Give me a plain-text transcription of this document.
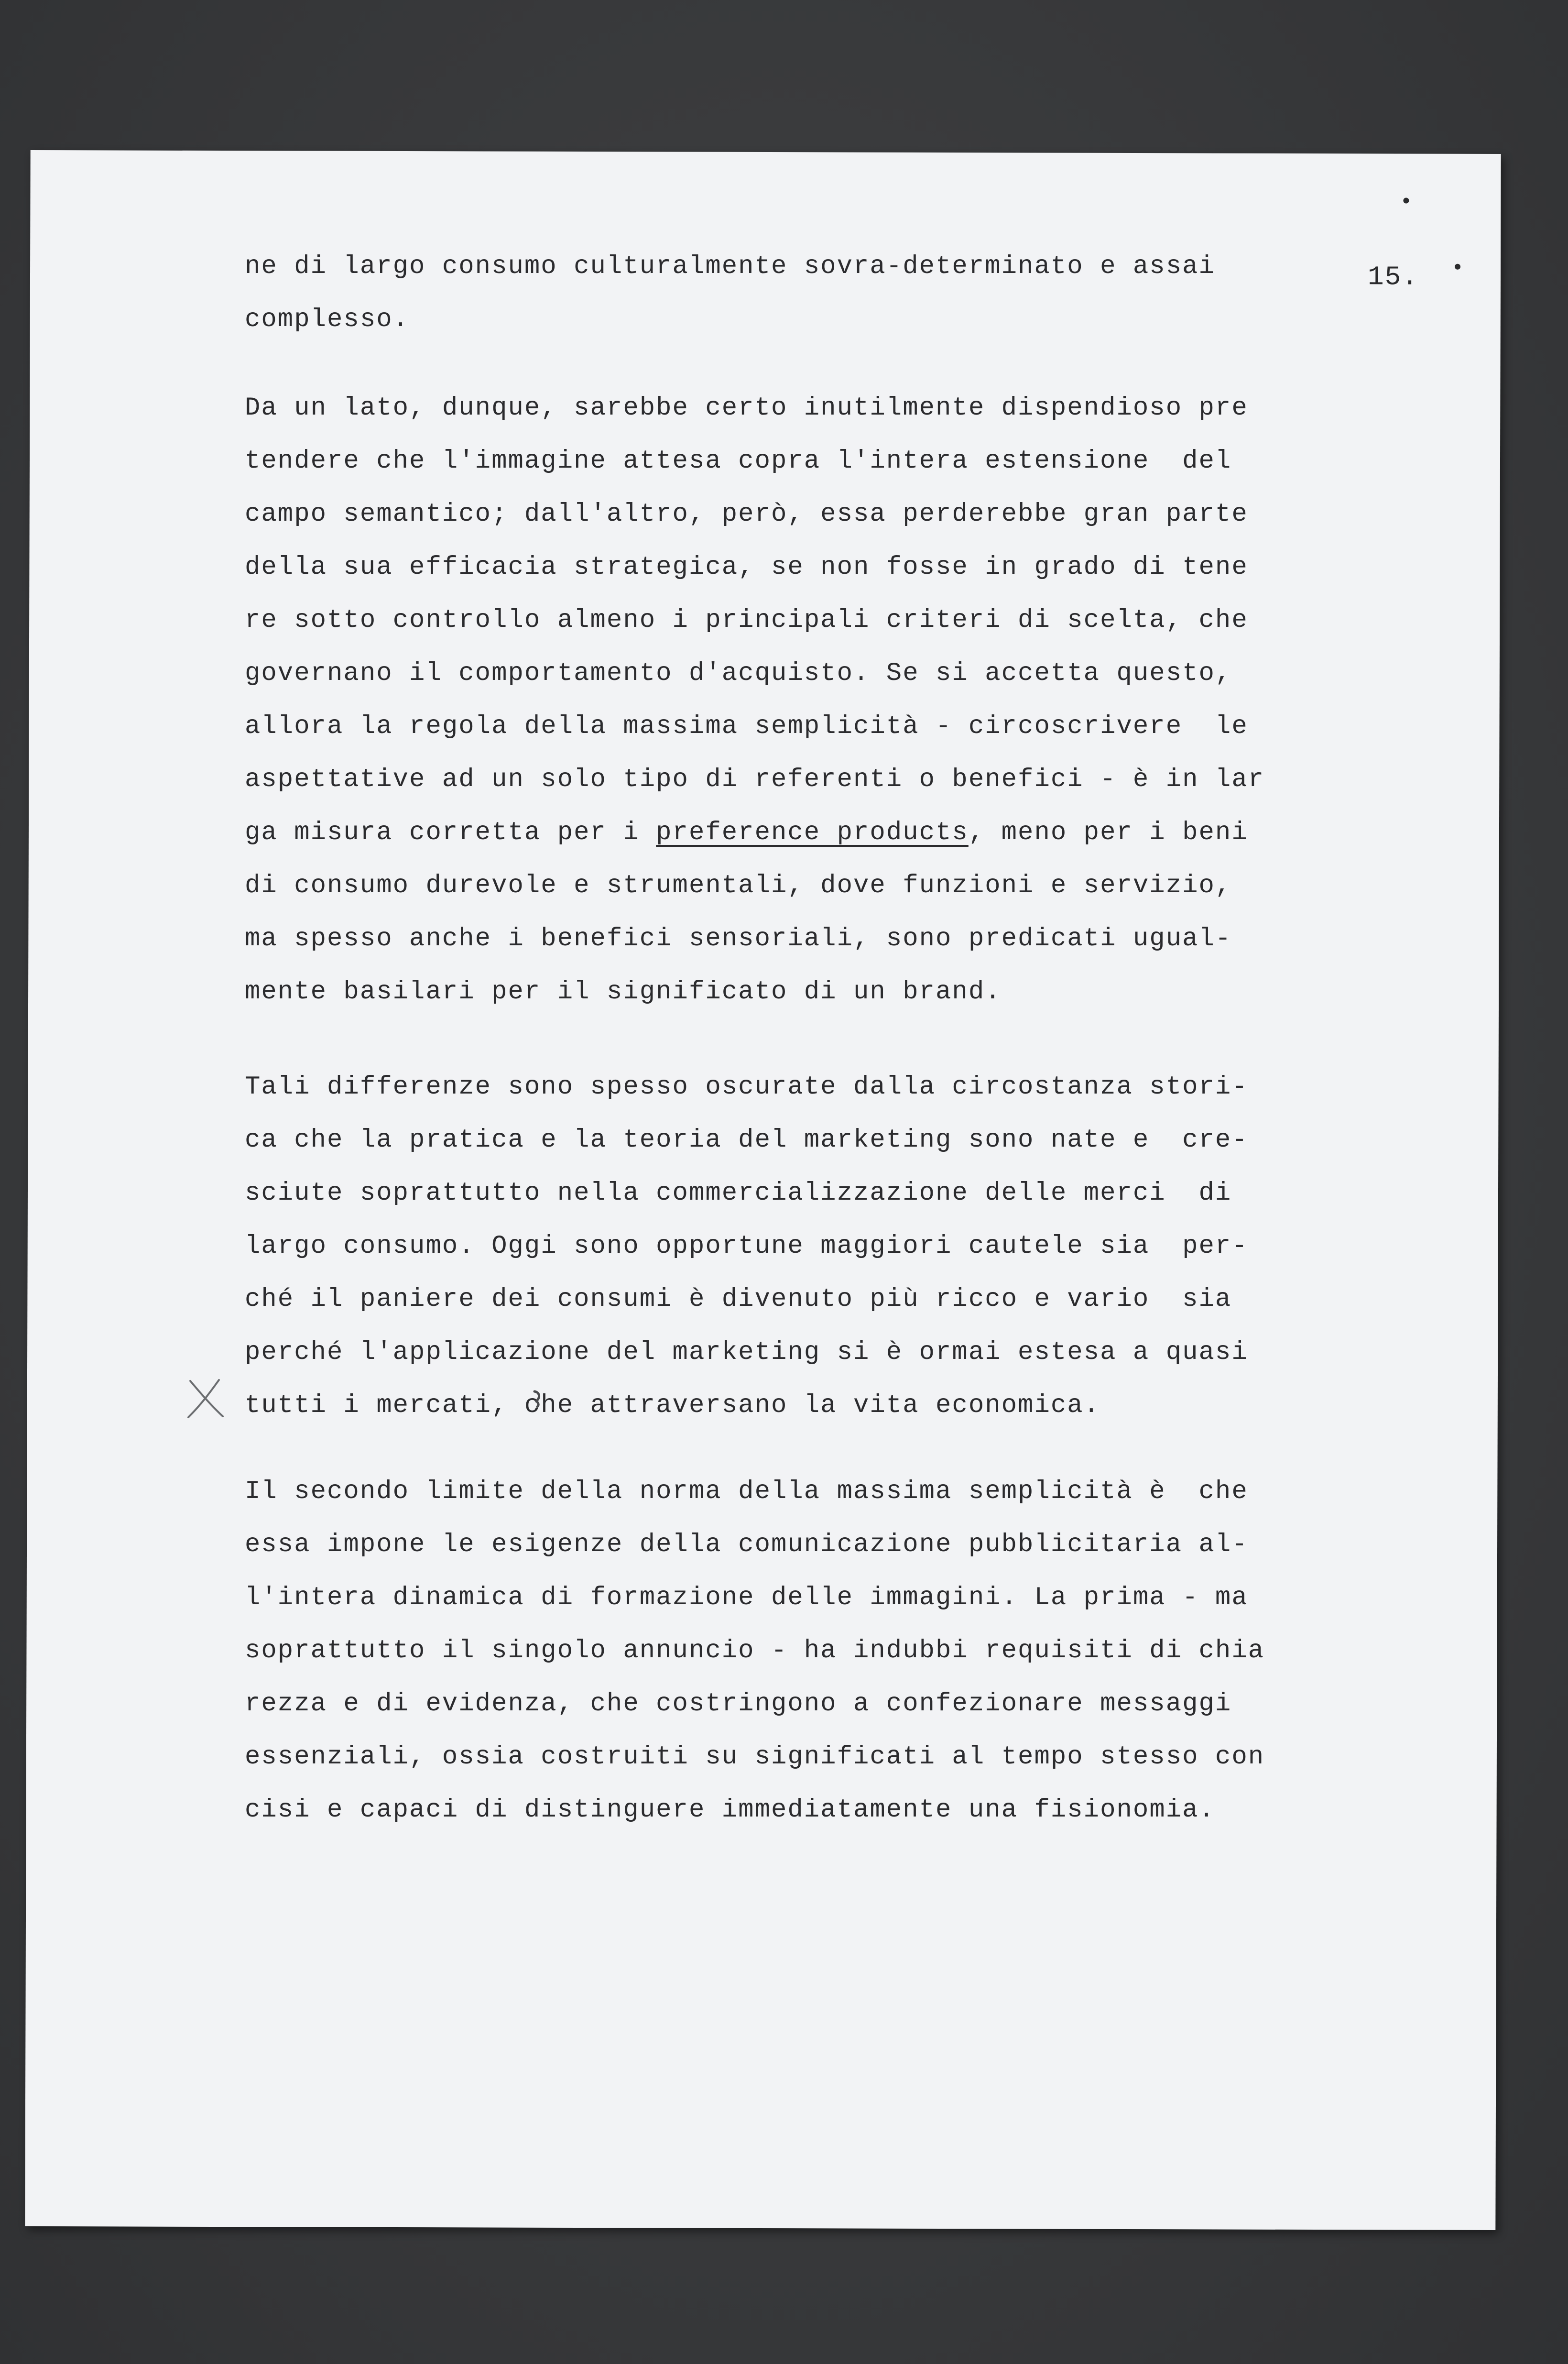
15.
ne di largo consumo culturalmente sovra-determinato e assai
complesso.
Da un lato, dunque, sarebbe certo inutilmente dispendioso pre
tendere che l'immagine attesa copra l'intera estensione  del
campo semantico; dall'altro, però, essa perderebbe gran parte
della sua efficacia strategica, se non fosse in grado di tene
re sotto controllo almeno i principali criteri di scelta, che
governano il comportamento d'acquisto. Se si accetta questo,
allora la regola della massima semplicità - circoscrivere  le
aspettative ad un solo tipo di referenti o benefici - è in lar
ga misura corretta per i preference products, meno per i beni
di consumo durevole e strumentali, dove funzioni e servizio,
ma spesso anche i benefici sensoriali, sono predicati ugual-
mente basilari per il significato di un brand.
Tali differenze sono spesso oscurate dalla circostanza stori-
ca che la pratica e la teoria del marketing sono nate e  cre-
sciute soprattutto nella commercializzazione delle merci  di
largo consumo. Oggi sono opportune maggiori cautele sia  per-
ché il paniere dei consumi è divenuto più ricco e vario  sia
perché l'applicazione del marketing si è ormai estesa a quasi
tutti i mercati, che attraversano la vita economica.
Il secondo limite della norma della massima semplicità è  che
essa impone le esigenze della comunicazione pubblicitaria al-
l'intera dinamica di formazione delle immagini. La prima - ma
soprattutto il singolo annuncio - ha indubbi requisiti di chia
rezza e di evidenza, che costringono a confezionare messaggi
essenziali, ossia costruiti su significati al tempo stesso con
cisi e capaci di distinguere immediatamente una fisionomia.
